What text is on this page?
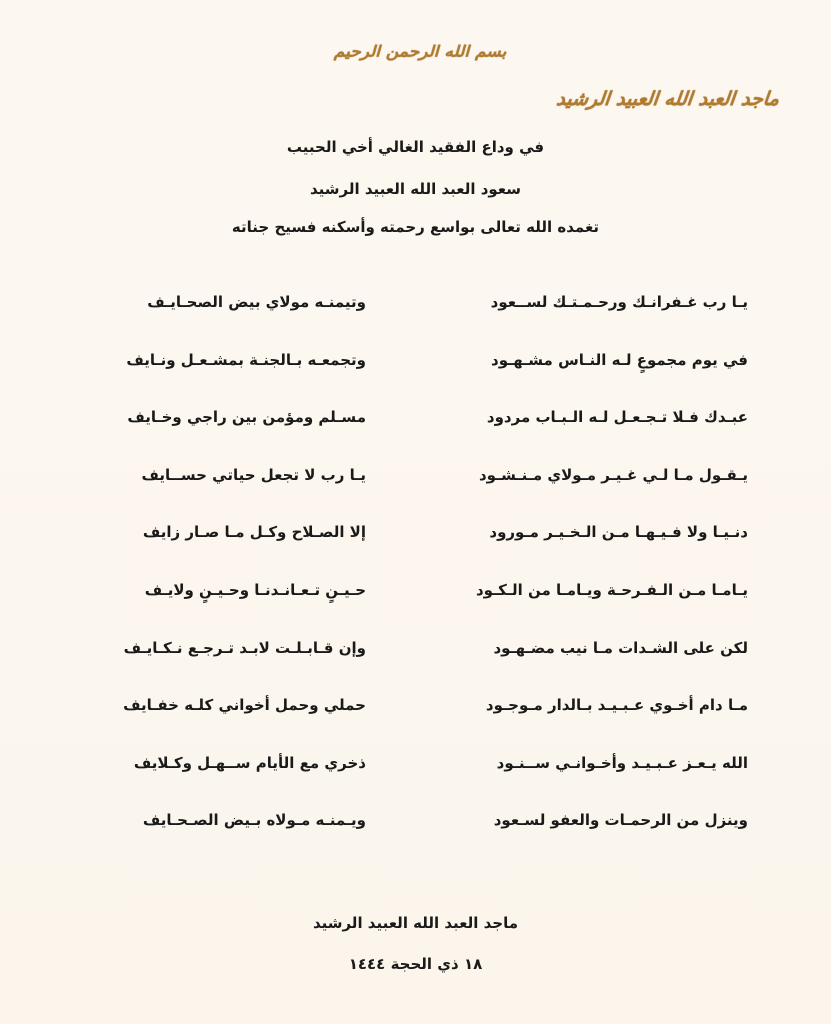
بسم الله الرحمن الرحيم
ماجد العبد الله العبيد الرشيد
في وداع الفقيد الغالي أخي الحبيب
سعود العبد الله العبيد الرشيد
تغمده الله تعالى بواسع رحمته وأسكنه فسيح جناته
يـا رب غـفرانـك ورحـمـتـك لســعود
وتيمنـه مولاي بيض الصحـايـف
في يوم مجموعٍ لـه النـاس مشـهـود
وتجمعـه بـالجنـة بمشـعـل ونـايف
عبـدك فـلا تـجـعـل لـه الـبـاب مردود
مسـلم ومؤمن بين راجي وخـايف
يـقـول مـا لـي غـيـر مـولاي مـنـشـود
يـا رب لا تجعل حياتي حســايف
دنـيـا ولا فـيـهـا مـن الـخـيـر مـورود
إلا الصـلاح وكـل مـا صـار زايف
يـامـا مـن الـفـرحـة ويـامـا من الـكـود
حـيـنٍ تـعـانـدنـا وحـيـنٍ ولايـف
لكن على الشـدات مـا نيب مضـهـود
وإن قـابـلـت لابـد تـرجـع نـكـايـف
مـا دام أخـوي عـبـيـد بـالدار مـوجـود
حملي وحمل أخواني كلـه خفـايف
الله يـعـز عـبـيـد وأخـوانـي ســنـود
ذخري مع الأيام ســهـل وكـلايف
وينزل من الرحمـات والعفو لسـعود
ويـمنـه مـولاه بـيض الصـحـايف
ماجد العبد الله العبيد الرشيد
١٨ ذي الحجة ١٤٤٤
